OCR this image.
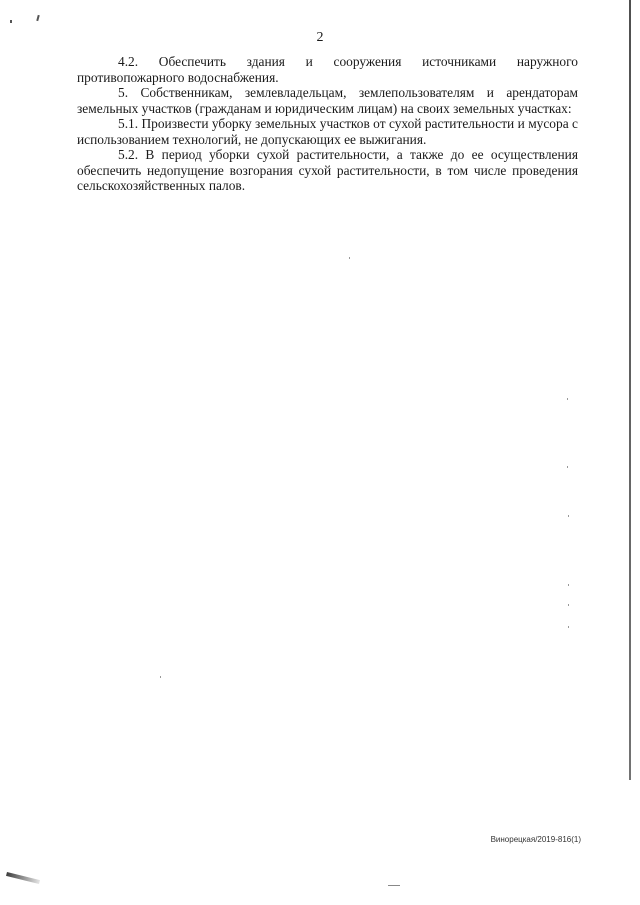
2

4.2. Обеспечить здания и сооружения источниками наружного противопожарного водоснабжения.

5. Собственникам, землевладельцам, землепользователям и арендаторам земельных участков (гражданам и юридическим лицам) на своих земельных участках:

5.1. Произвести уборку земельных участков от сухой растительности и мусора с использованием технологий, не допускающих ее выжигания.

5.2. В период уборки сухой растительности, а также до ее осуществления обеспечить недопущение возгорания сухой растительности, в том числе проведения сельскохозяйственных палов.

Винорецкая/2019-816(1)
